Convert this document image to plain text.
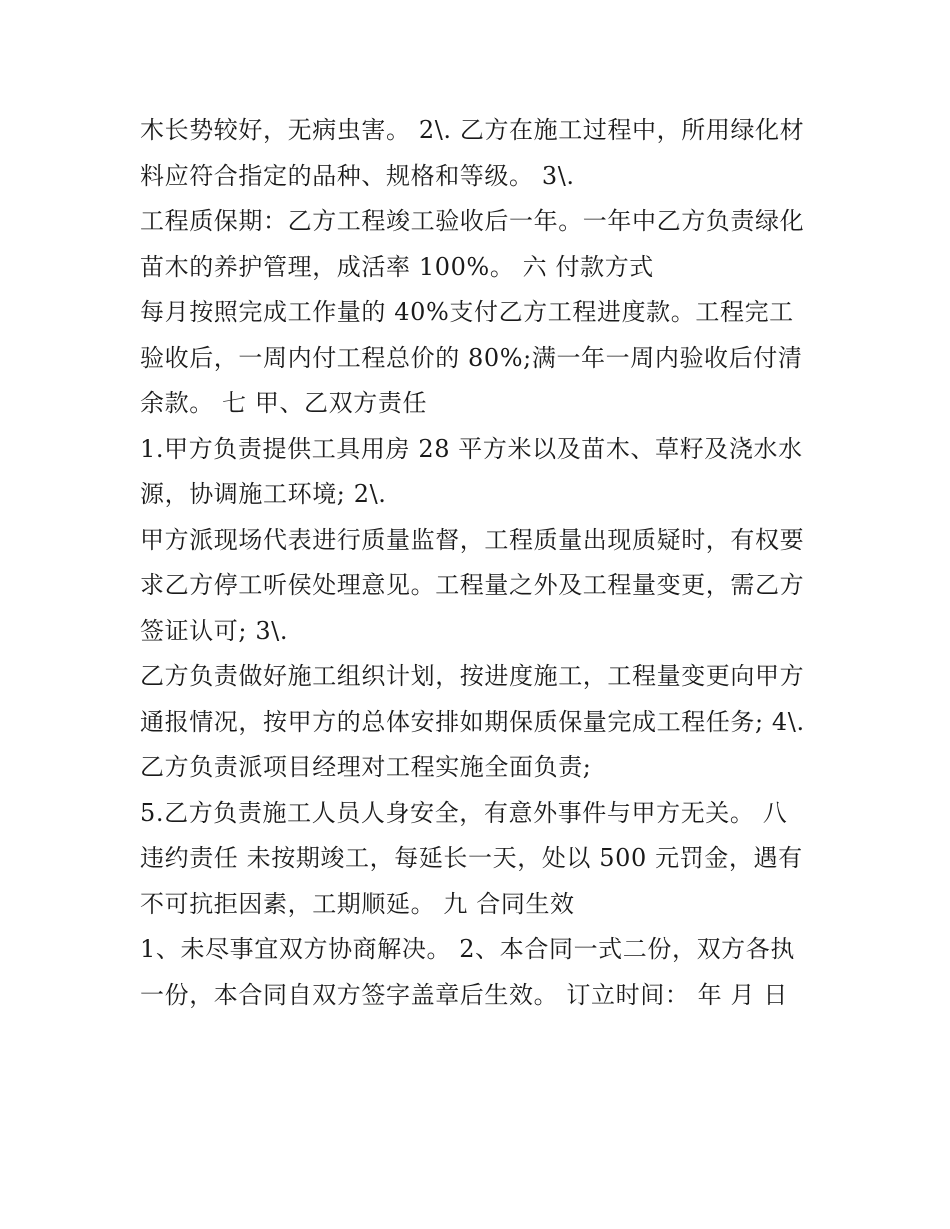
木长势较好，无病虫害。 2\. 乙方在施工过程中，所用绿化材
料应符合指定的品种、规格和等级。 3\.
工程质保期：乙方工程竣工验收后一年。一年中乙方负责绿化
苗木的养护管理，成活率 100%。 六 付款方式
每月按照完成工作量的 40%支付乙方工程进度款。工程完工
验收后，一周内付工程总价的 80%;满一年一周内验收后付清
余款。 七 甲、乙双方责任
1.甲方负责提供工具用房 28 平方米以及苗木、草籽及浇水水
源，协调施工环境; 2\.
甲方派现场代表进行质量监督，工程质量出现质疑时，有权要
求乙方停工听侯处理意见。工程量之外及工程量变更，需乙方
签证认可; 3\.
乙方负责做好施工组织计划，按进度施工，工程量变更向甲方
通报情况，按甲方的总体安排如期保质保量完成工程任务; 4\.
乙方负责派项目经理对工程实施全面负责;
5.乙方负责施工人员人身安全，有意外事件与甲方无关。 八
违约责任 未按期竣工，每延长一天，处以 500 元罚金，遇有
不可抗拒因素，工期顺延。 九 合同生效
1、未尽事宜双方协商解决。 2、本合同一式二份，双方各执
一份，本合同自双方签字盖章后生效。 订立时间： 年 月 日
